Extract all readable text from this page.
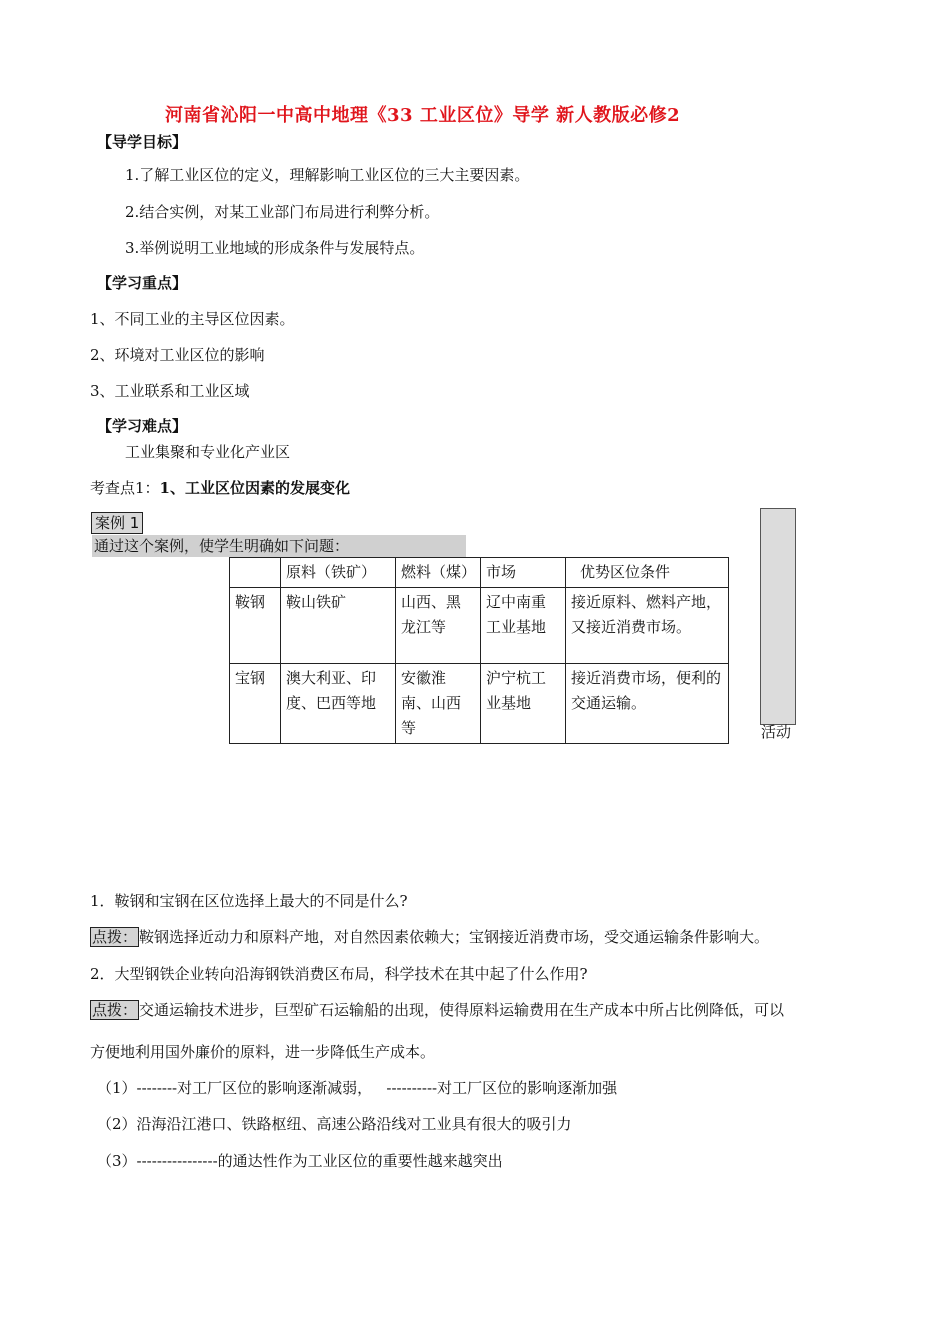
河南省沁阳一中高中地理《33 工业区位》导学 新人教版必修2
【导学目标】
1.了解工业区位的定义，理解影响工业区位的三大主要因素。
2.结合实例，对某工业部门布局进行利弊分析。
3.举例说明工业地域的形成条件与发展特点。
【学习重点】
1、不同工业的主导区位因素。
2、环境对工业区位的影响
3、工业联系和工业区域
【学习难点】
工业集聚和专业化产业区
考查点1：1、工业区位因素的发展变化
案例 1
通过这个案例，使学生明确如下问题：
活动
	原料（铁矿）	燃料（煤）	市场	优势区位条件
鞍钢	鞍山铁矿	山西、黑龙江等	辽中南重工业基地	接近原料、燃料产地，又接近消费市场。
宝钢	澳大利亚、印度、巴西等地	安徽淮南、山西等	沪宁杭工业基地	接近消费市场，便利的交通运输。
1．鞍钢和宝钢在区位选择上最大的不同是什么?
点拨： 鞍钢选择近动力和原料产地，对自然因素依赖大；宝钢接近消费市场，受交通运输条件影响大。
2．大型钢铁企业转向沿海钢铁消费区布局，科学技术在其中起了什么作用?
点拨： 交通运输技术进步，巨型矿石运输船的出现，使得原料运输费用在生产成本中所占比例降低，可以
方便地利用国外廉价的原料，进一步降低生产成本。
（1）--------对工厂区位的影响逐渐减弱，   ----------对工厂区位的影响逐渐加强
（2）沿海沿江港口、铁路枢纽、高速公路沿线对工业具有很大的吸引力
（3）----------------的通达性作为工业区位的重要性越来越突出
